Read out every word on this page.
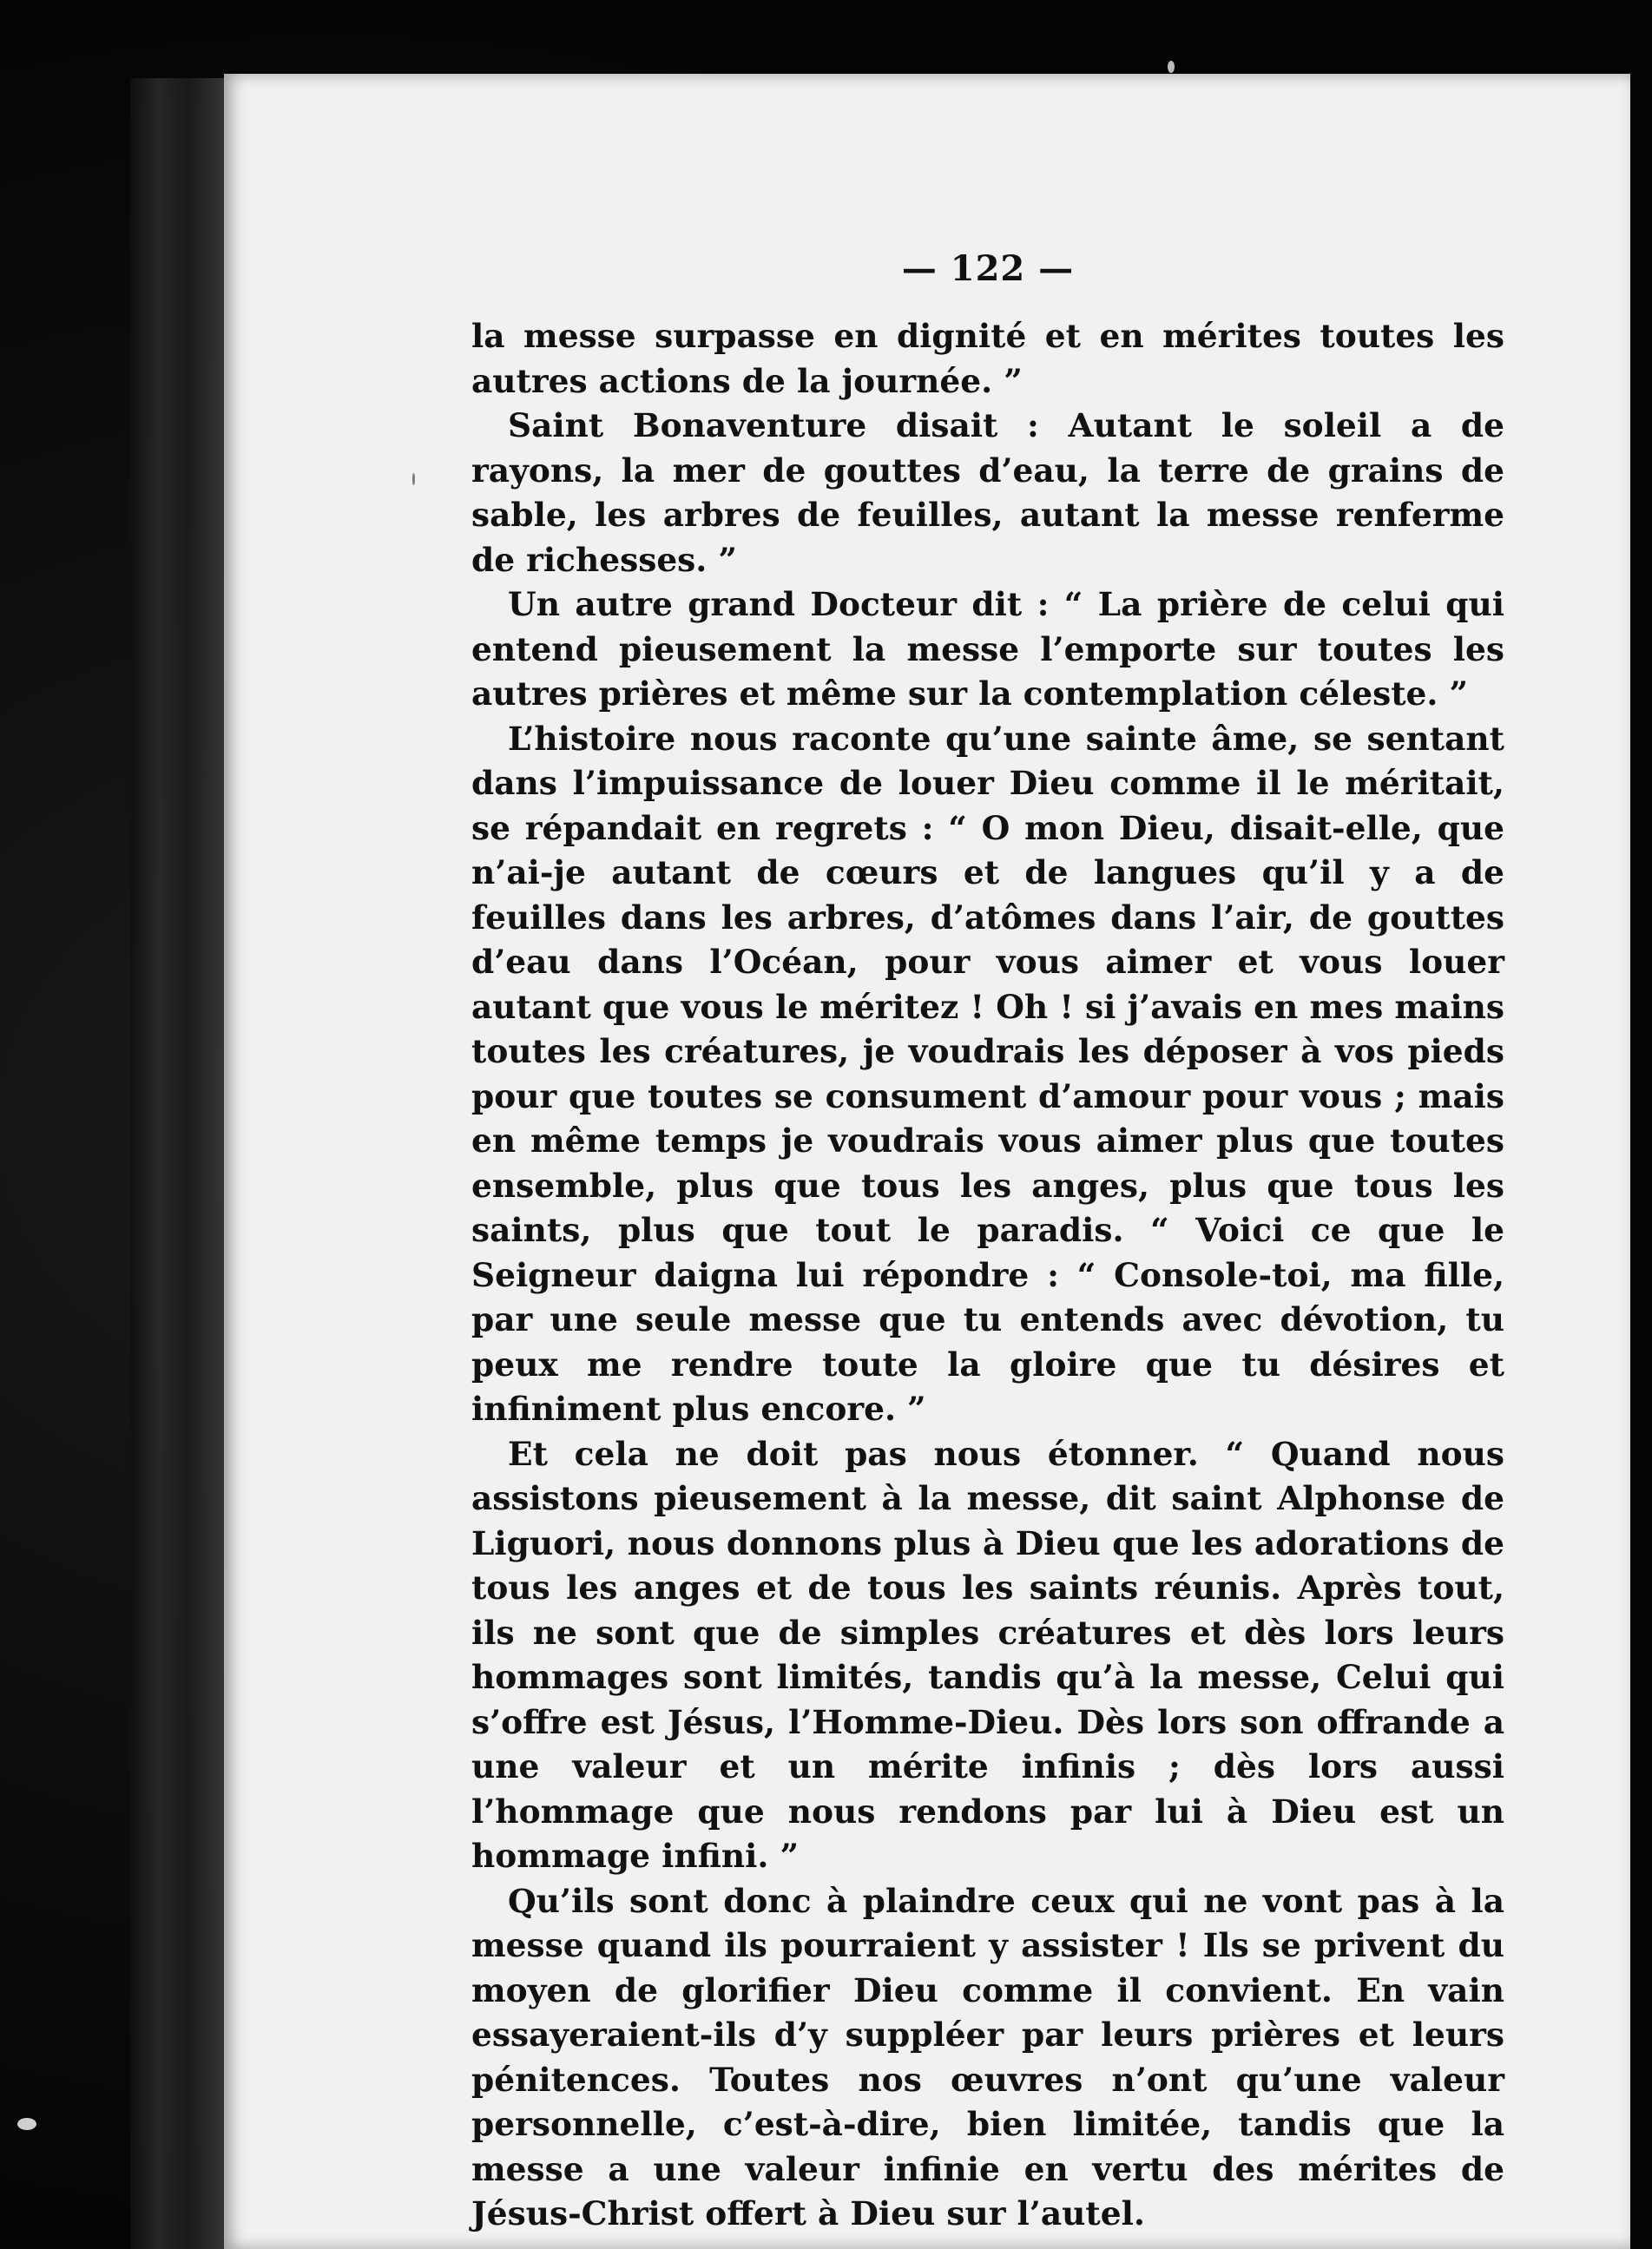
— 122 —

la messe surpasse en dignité et en mérites toutes les autres actions de la journée. ”

Saint Bonaventure disait : Autant le soleil a de rayons, la mer de gouttes d’eau, la terre de grains de sable, les arbres de feuilles, autant la messe renferme de richesses. ”

Un autre grand Docteur dit : “ La prière de celui qui entend pieusement la messe l’emporte sur toutes les autres prières et même sur la contemplation céleste. ”

L’histoire nous raconte qu’une sainte âme, se sentant dans l’impuissance de louer Dieu comme il le méritait, se répandait en regrets : “ O mon Dieu, disait-elle, que n’ai-je autant de cœurs et de langues qu’il y a de feuilles dans les arbres, d’atômes dans l’air, de gouttes d’eau dans l’Océan, pour vous aimer et vous louer autant que vous le méritez ! Oh ! si j’avais en mes mains toutes les créatures, je voudrais les déposer à vos pieds pour que toutes se consument d’amour pour vous ; mais en même temps je voudrais vous aimer plus que toutes ensemble, plus que tous les anges, plus que tous les saints, plus que tout le paradis. “ Voici ce que le Seigneur daigna lui répondre : “ Console-toi, ma fille, par une seule messe que tu entends avec dévotion, tu peux me rendre toute la gloire que tu désires et infiniment plus encore. ”

Et cela ne doit pas nous étonner. “ Quand nous assistons pieusement à la messe, dit saint Alphonse de Liguori, nous donnons plus à Dieu que les adorations de tous les anges et de tous les saints réunis. Après tout, ils ne sont que de simples créatures et dès lors leurs hommages sont limités, tandis qu’à la messe, Celui qui s’offre est Jésus, l’Homme-Dieu. Dès lors son offrande a une valeur et un mérite infinis ; dès lors aussi l’hommage que nous rendons par lui à Dieu est un hommage infini. ”

Qu’ils sont donc à plaindre ceux qui ne vont pas à la messe quand ils pourraient y assister ! Ils se privent du moyen de glorifier Dieu comme il convient. En vain essayeraient-ils d’y suppléer par leurs prières et leurs pénitences. Toutes nos œuvres n’ont qu’une valeur personnelle, c’est-à-dire, bien limitée, tandis que la messe a une valeur infinie en vertu des mérites de Jésus-Christ offert à Dieu sur l’autel.
